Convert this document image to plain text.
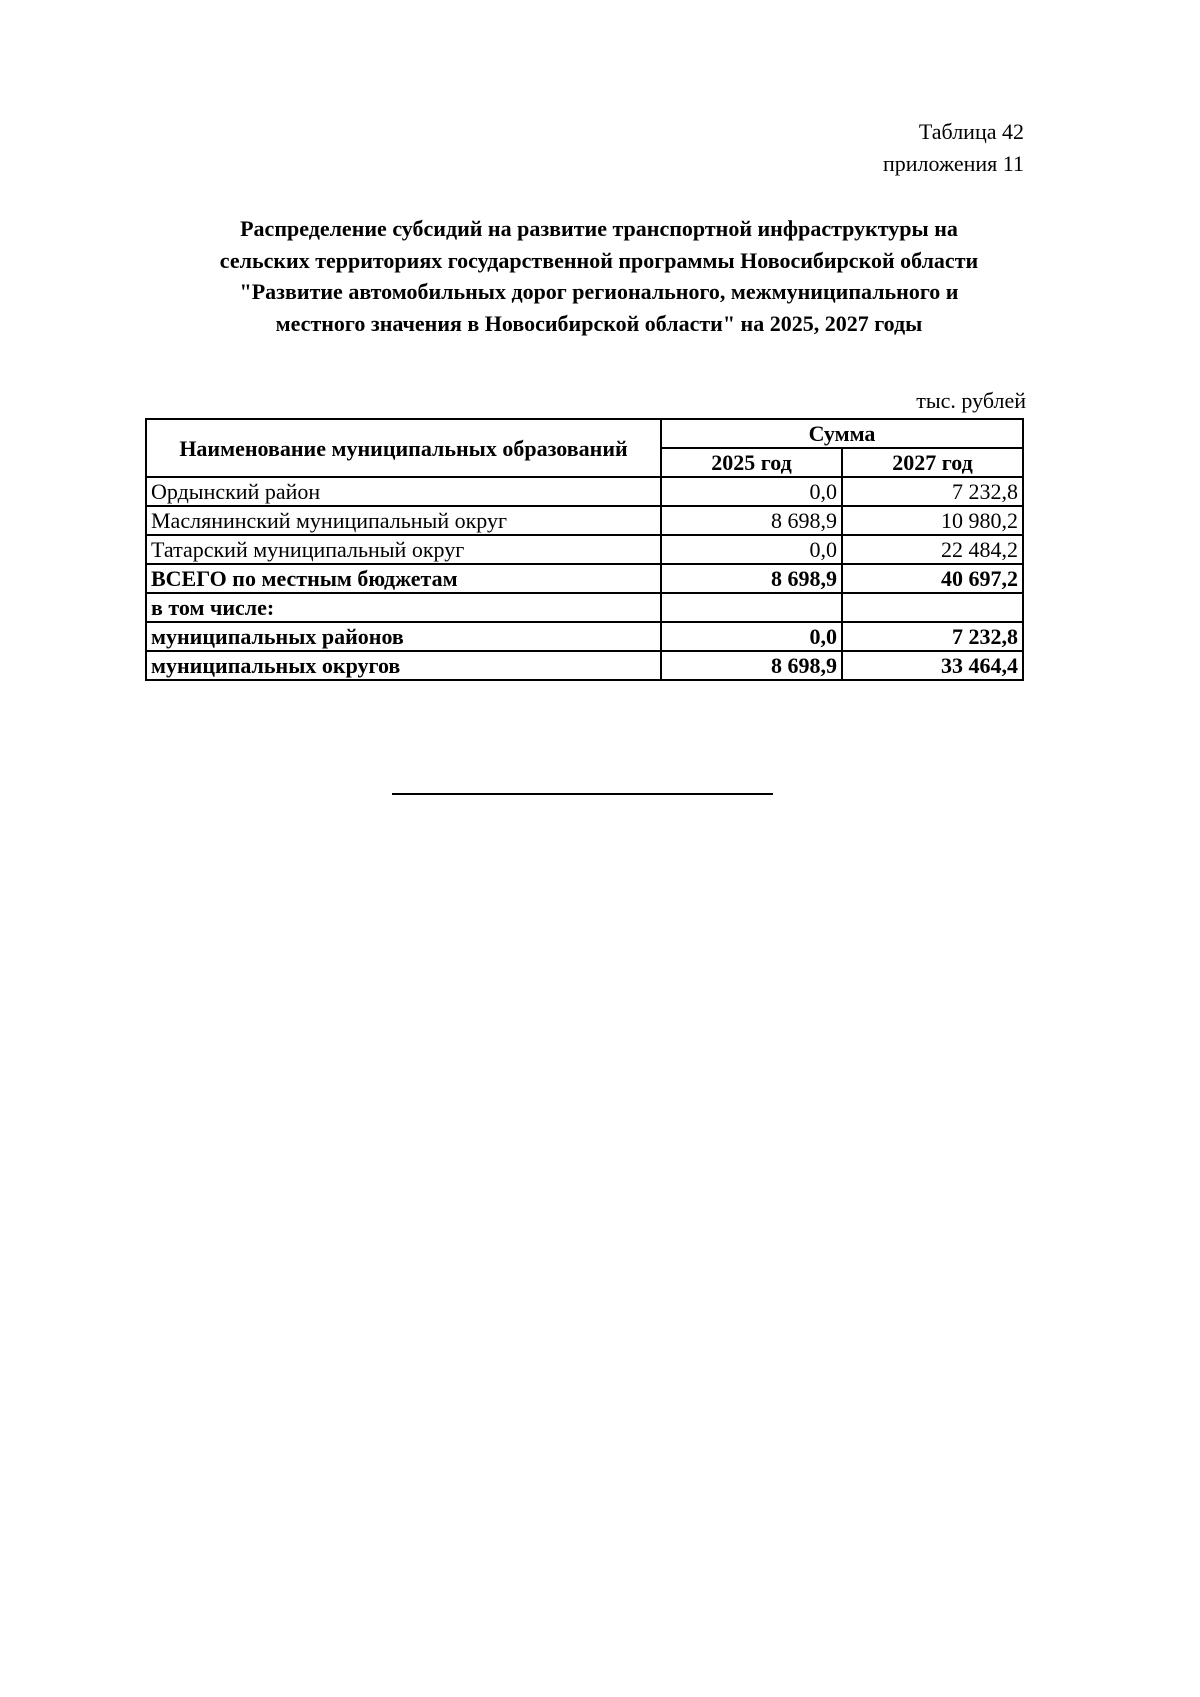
Таблица 42
приложения 11
Распределение субсидий на развитие транспортной инфраструктуры на
сельских территориях государственной программы Новосибирской области
"Развитие автомобильных дорог регионального, межмуниципального и
местного значения в Новосибирской области" на 2025, 2027 годы
тыс. рублей
Наименование муниципальных образований	Сумма	
	2025 год	2027 год
Ордынский район	0,0	7 232,8
Маслянинский муниципальный округ	8 698,9	10 980,2
Татарский муниципальный округ	0,0	22 484,2
ВСЕГО по местным бюджетам	8 698,9	40 697,2
в том числе:		
муниципальных районов	0,0	7 232,8
муниципальных округов	8 698,9	33 464,4
